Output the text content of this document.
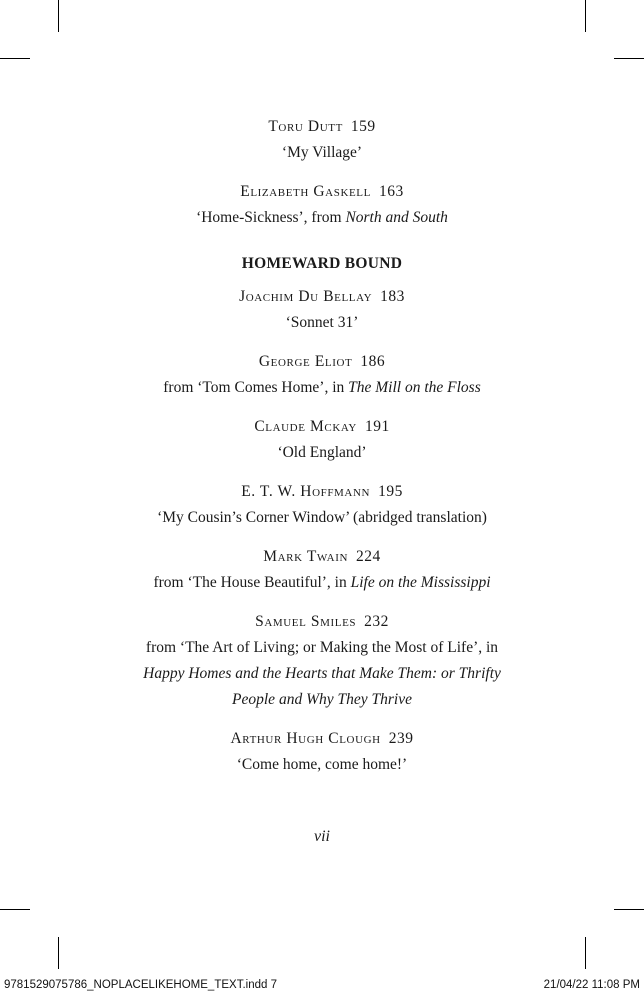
Toru Dutt 159
‘My Village’
Elizabeth Gaskell 163
‘Home-Sickness’, from North and South
HOMEWARD BOUND
Joachim Du Bellay 183
‘Sonnet 31’
George Eliot 186
from ‘Tom Comes Home’, in The Mill on the Floss
Claude Mckay 191
‘Old England’
E. T. W. Hoffmann 195
‘My Cousin’s Corner Window’ (abridged translation)
Mark Twain 224
from ‘The House Beautiful’, in Life on the Mississippi
Samuel Smiles 232
from ‘The Art of Living; or Making the Most of Life’, in
Happy Homes and the Hearts that Make Them: or Thrifty
People and Why They Thrive
Arthur Hugh Clough 239
‘Come home, come home!’
vii
9781529075786_NOPLACELIKEHOME_TEXT.indd 7	21/04/22 11:08 PM
